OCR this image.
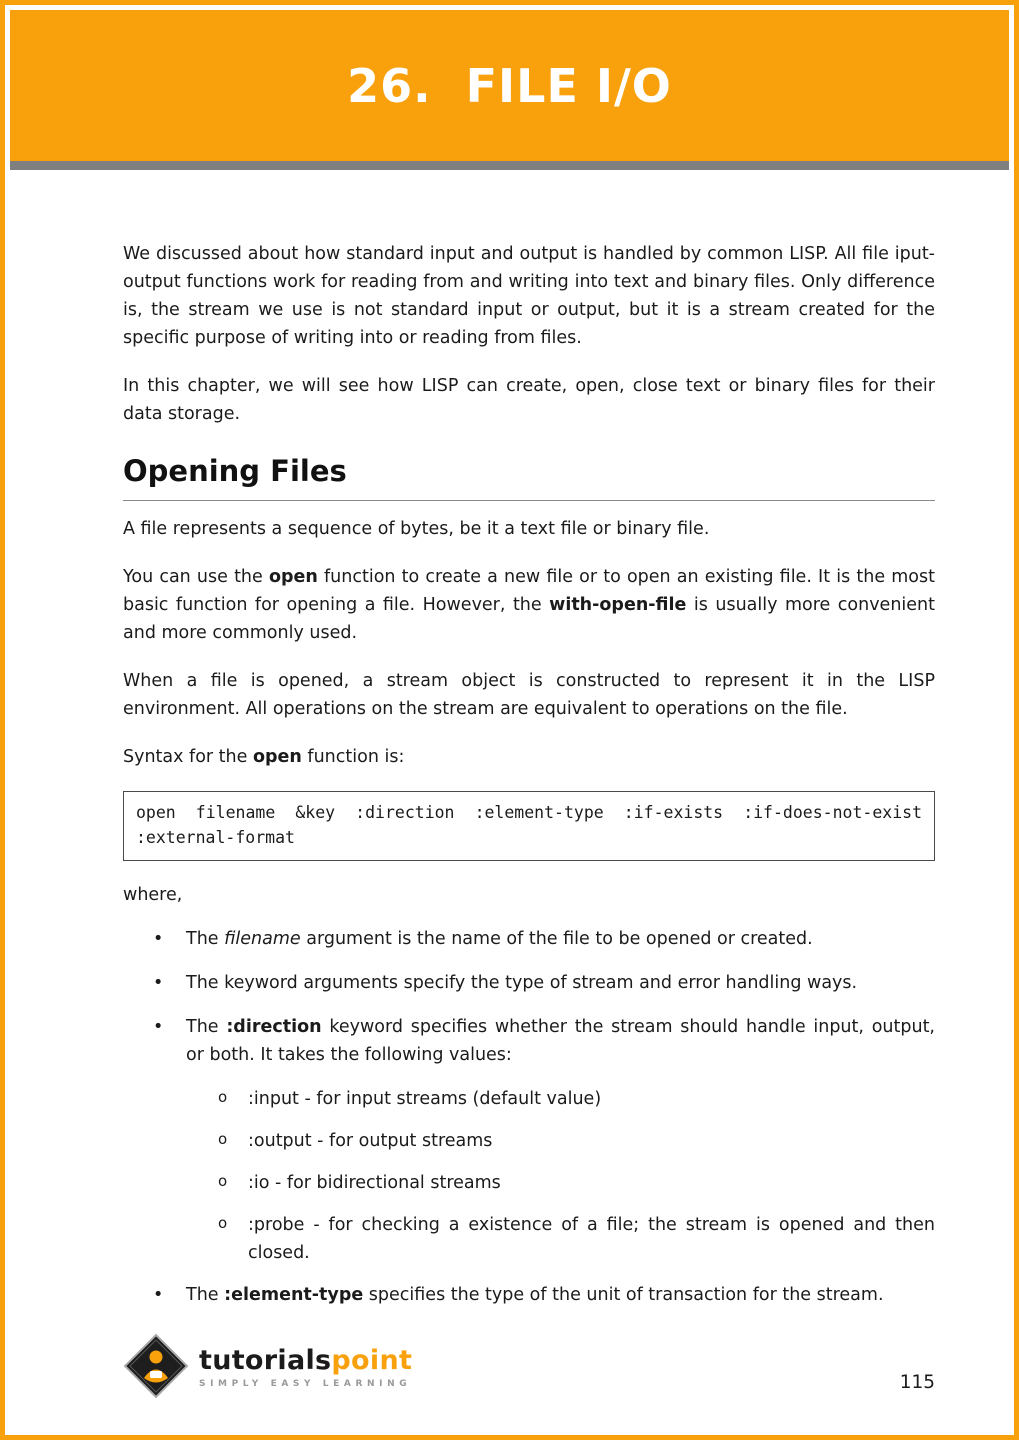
26.  FILE I/O

We discussed about how standard input and output is handled by common LISP. All file iput-output functions work for reading from and writing into text and binary files. Only difference is, the stream we use is not standard input or output, but it is a stream created for the specific purpose of writing into or reading from files.

In this chapter, we will see how LISP can create, open, close text or binary files for their data storage.

Opening Files

A file represents a sequence of bytes, be it a text file or binary file.

You can use the open function to create a new file or to open an existing file. It is the most basic function for opening a file. However, the with-open-file is usually more convenient and more commonly used.

When a file is opened, a stream object is constructed to represent it in the LISP environment. All operations on the stream are equivalent to operations on the file.

Syntax for the open function is:

open filename &key :direction :element-type :if-exists :if-does-not-exist :external-format

where,

•	The filename argument is the name of the file to be opened or created.
•	The keyword arguments specify the type of stream and error handling ways.
•	The :direction keyword specifies whether the stream should handle input, output, or both. It takes the following values:
o	:input - for input streams (default value)
o	:output - for output streams
o	:io - for bidirectional streams
o	:probe - for checking a existence of a file; the stream is opened and then closed.
•	The :element-type specifies the type of the unit of transaction for the stream.
tutorialspoint
SIMPLY EASY LEARNING	115
